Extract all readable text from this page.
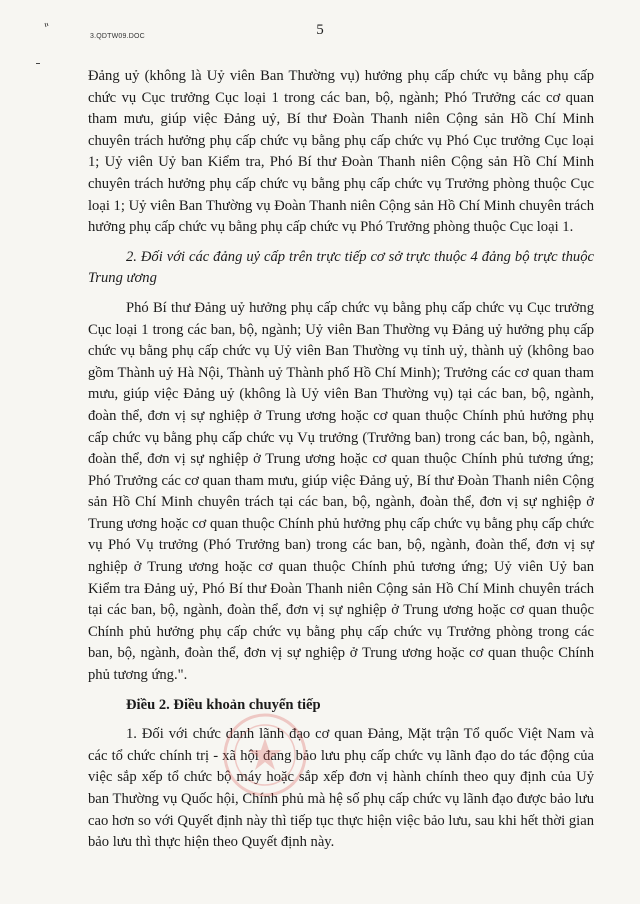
3.QDTW09.DOC	5

Đảng uỷ (không là Uỷ viên Ban Thường vụ) hưởng phụ cấp chức vụ bằng phụ cấp chức vụ Cục trưởng Cục loại 1 trong các ban, bộ, ngành; Phó Trưởng các cơ quan tham mưu, giúp việc Đảng uỷ, Bí thư Đoàn Thanh niên Cộng sản Hồ Chí Minh chuyên trách hưởng phụ cấp chức vụ bằng phụ cấp chức vụ Phó Cục trưởng Cục loại 1; Uỷ viên Uỷ ban Kiểm tra, Phó Bí thư Đoàn Thanh niên Cộng sản Hồ Chí Minh chuyên trách hưởng phụ cấp chức vụ bằng phụ cấp chức vụ Trưởng phòng thuộc Cục loại 1; Uỷ viên Ban Thường vụ Đoàn Thanh niên Cộng sản Hồ Chí Minh chuyên trách hưởng phụ cấp chức vụ bằng phụ cấp chức vụ Phó Trưởng phòng thuộc Cục loại 1.

2. Đối với các đảng uỷ cấp trên trực tiếp cơ sở trực thuộc 4 đảng bộ trực thuộc Trung ương

Phó Bí thư Đảng uỷ hưởng phụ cấp chức vụ bằng phụ cấp chức vụ Cục trưởng Cục loại 1 trong các ban, bộ, ngành; Uỷ viên Ban Thường vụ Đảng uỷ hưởng phụ cấp chức vụ bằng phụ cấp chức vụ Uỷ viên Ban Thường vụ tỉnh uỷ, thành uỷ (không bao gồm Thành uỷ Hà Nội, Thành uỷ Thành phố Hồ Chí Minh); Trưởng các cơ quan tham mưu, giúp việc Đảng uỷ (không là Uỷ viên Ban Thường vụ) tại các ban, bộ, ngành, đoàn thể, đơn vị sự nghiệp ở Trung ương hoặc cơ quan thuộc Chính phủ hưởng phụ cấp chức vụ bằng phụ cấp chức vụ Vụ trưởng (Trưởng ban) trong các ban, bộ, ngành, đoàn thể, đơn vị sự nghiệp ở Trung ương hoặc cơ quan thuộc Chính phủ tương ứng; Phó Trưởng các cơ quan tham mưu, giúp việc Đảng uỷ, Bí thư Đoàn Thanh niên Cộng sản Hồ Chí Minh chuyên trách tại các ban, bộ, ngành, đoàn thể, đơn vị sự nghiệp ở Trung ương hoặc cơ quan thuộc Chính phủ hưởng phụ cấp chức vụ bằng phụ cấp chức vụ Phó Vụ trưởng (Phó Trưởng ban) trong các ban, bộ, ngành, đoàn thể, đơn vị sự nghiệp ở Trung ương hoặc cơ quan thuộc Chính phủ tương ứng; Uỷ viên Uỷ ban Kiểm tra Đảng uỷ, Phó Bí thư Đoàn Thanh niên Cộng sản Hồ Chí Minh chuyên trách tại các ban, bộ, ngành, đoàn thể, đơn vị sự nghiệp ở Trung ương hoặc cơ quan thuộc Chính phủ hưởng phụ cấp chức vụ bằng phụ cấp chức vụ Trưởng phòng trong các ban, bộ, ngành, đoàn thể, đơn vị sự nghiệp ở Trung ương hoặc cơ quan thuộc Chính phủ tương ứng.".

Điều 2. Điều khoản chuyển tiếp

1. Đối với chức danh lãnh đạo cơ quan Đảng, Mặt trận Tổ quốc Việt Nam và các tổ chức chính trị - xã hội đang bảo lưu phụ cấp chức vụ lãnh đạo do tác động của việc sắp xếp tổ chức bộ máy hoặc sắp xếp đơn vị hành chính theo quy định của Uỷ ban Thường vụ Quốc hội, Chính phủ mà hệ số phụ cấp chức vụ lãnh đạo được bảo lưu cao hơn so với Quyết định này thì tiếp tục thực hiện việc bảo lưu, sau khi hết thời gian bảo lưu thì thực hiện theo Quyết định này.
